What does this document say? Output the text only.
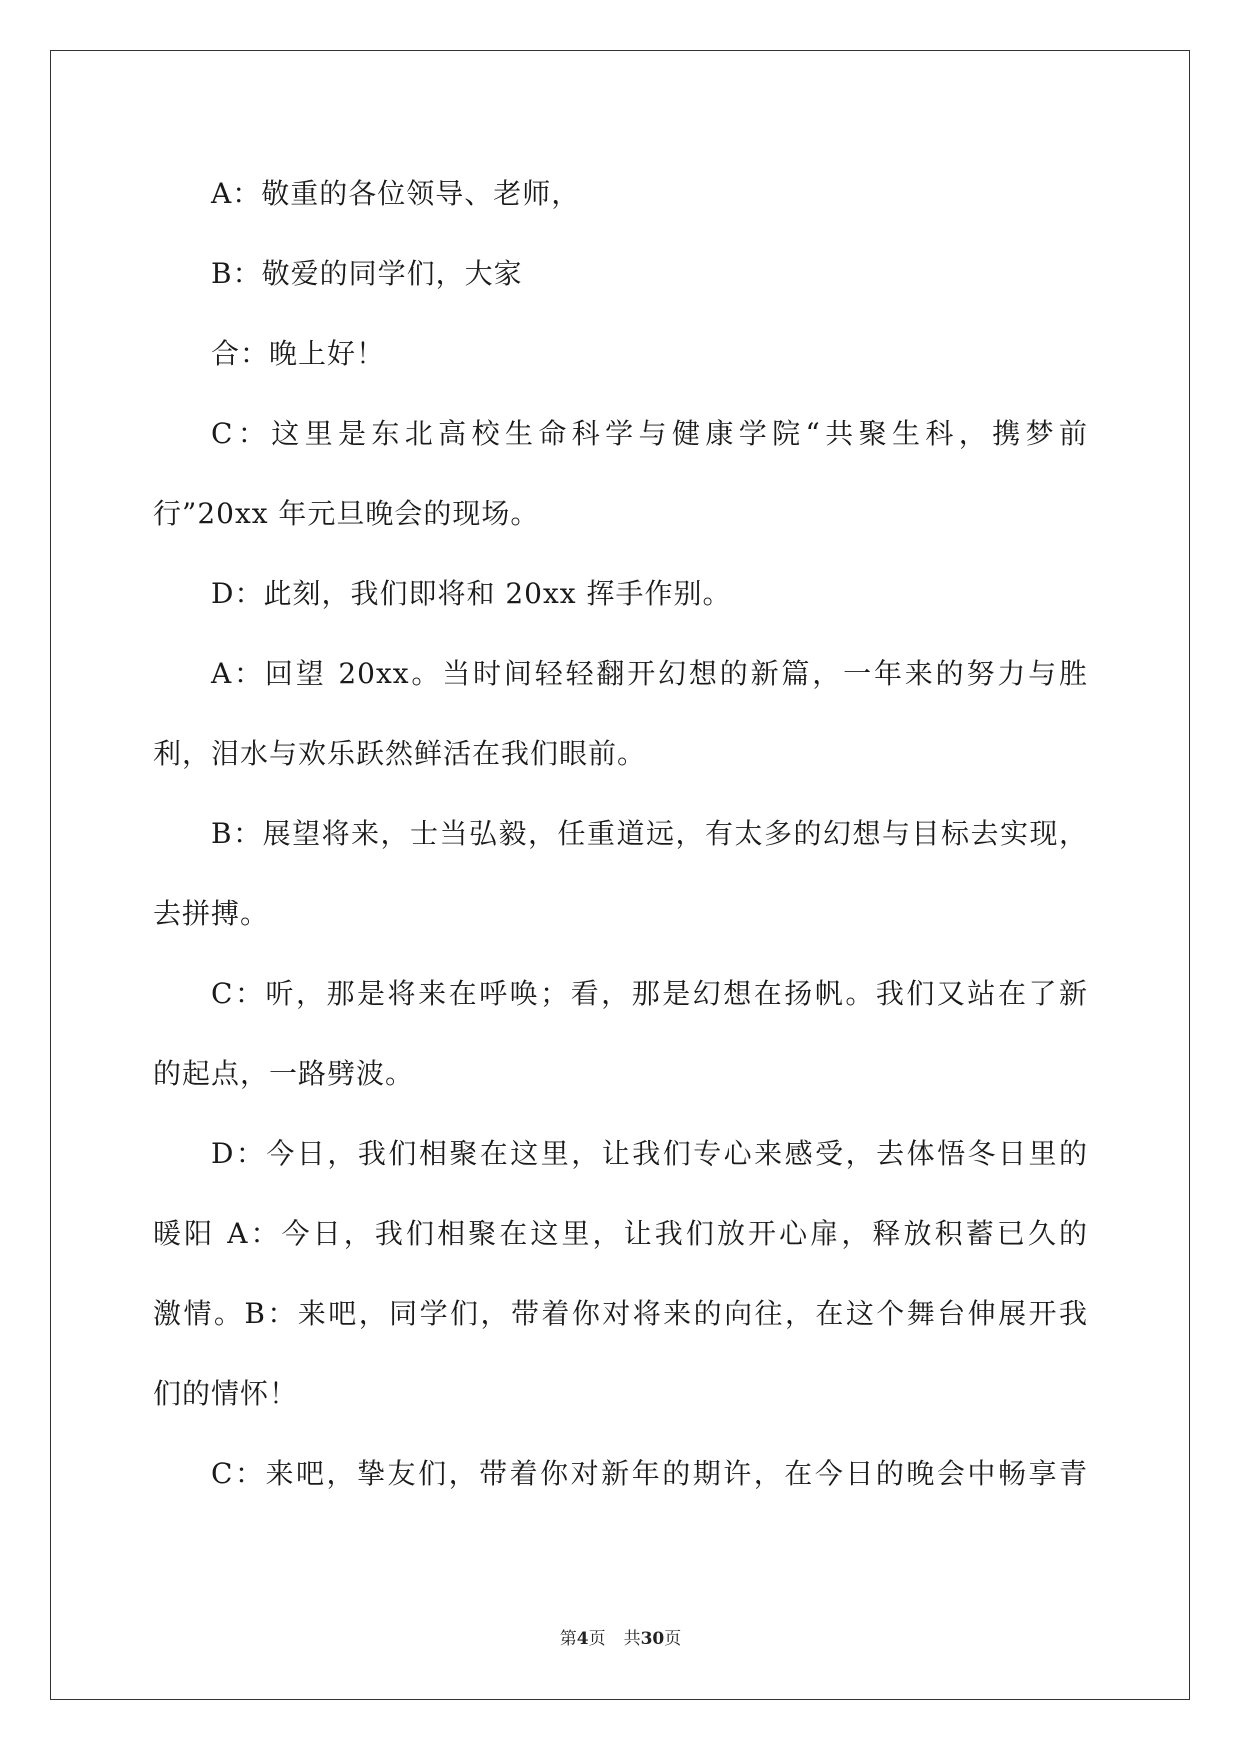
A：敬重的各位领导、老师，
B：敬爱的同学们，大家
合：晚上好！
C：这里是东北高校生命科学与健康学院“共聚生科，携梦前
行”20xx 年元旦晚会的现场。
D：此刻，我们即将和 20xx 挥手作别。
A：回望 20xx。当时间轻轻翻开幻想的新篇，一年来的努力与胜
利，泪水与欢乐跃然鲜活在我们眼前。
B：展望将来，士当弘毅，任重道远，有太多的幻想与目标去实现，
去拼搏。
C：听，那是将来在呼唤；看，那是幻想在扬帆。我们又站在了新
的起点，一路劈波。
D：今日，我们相聚在这里，让我们专心来感受，去体悟冬日里的
暖阳 A：今日，我们相聚在这里，让我们放开心扉，释放积蓄已久的
激情。B：来吧，同学们，带着你对将来的向往，在这个舞台伸展开我
们的情怀！
C：来吧，挚友们，带着你对新年的期许，在今日的晚会中畅享青
第4页 共30页
